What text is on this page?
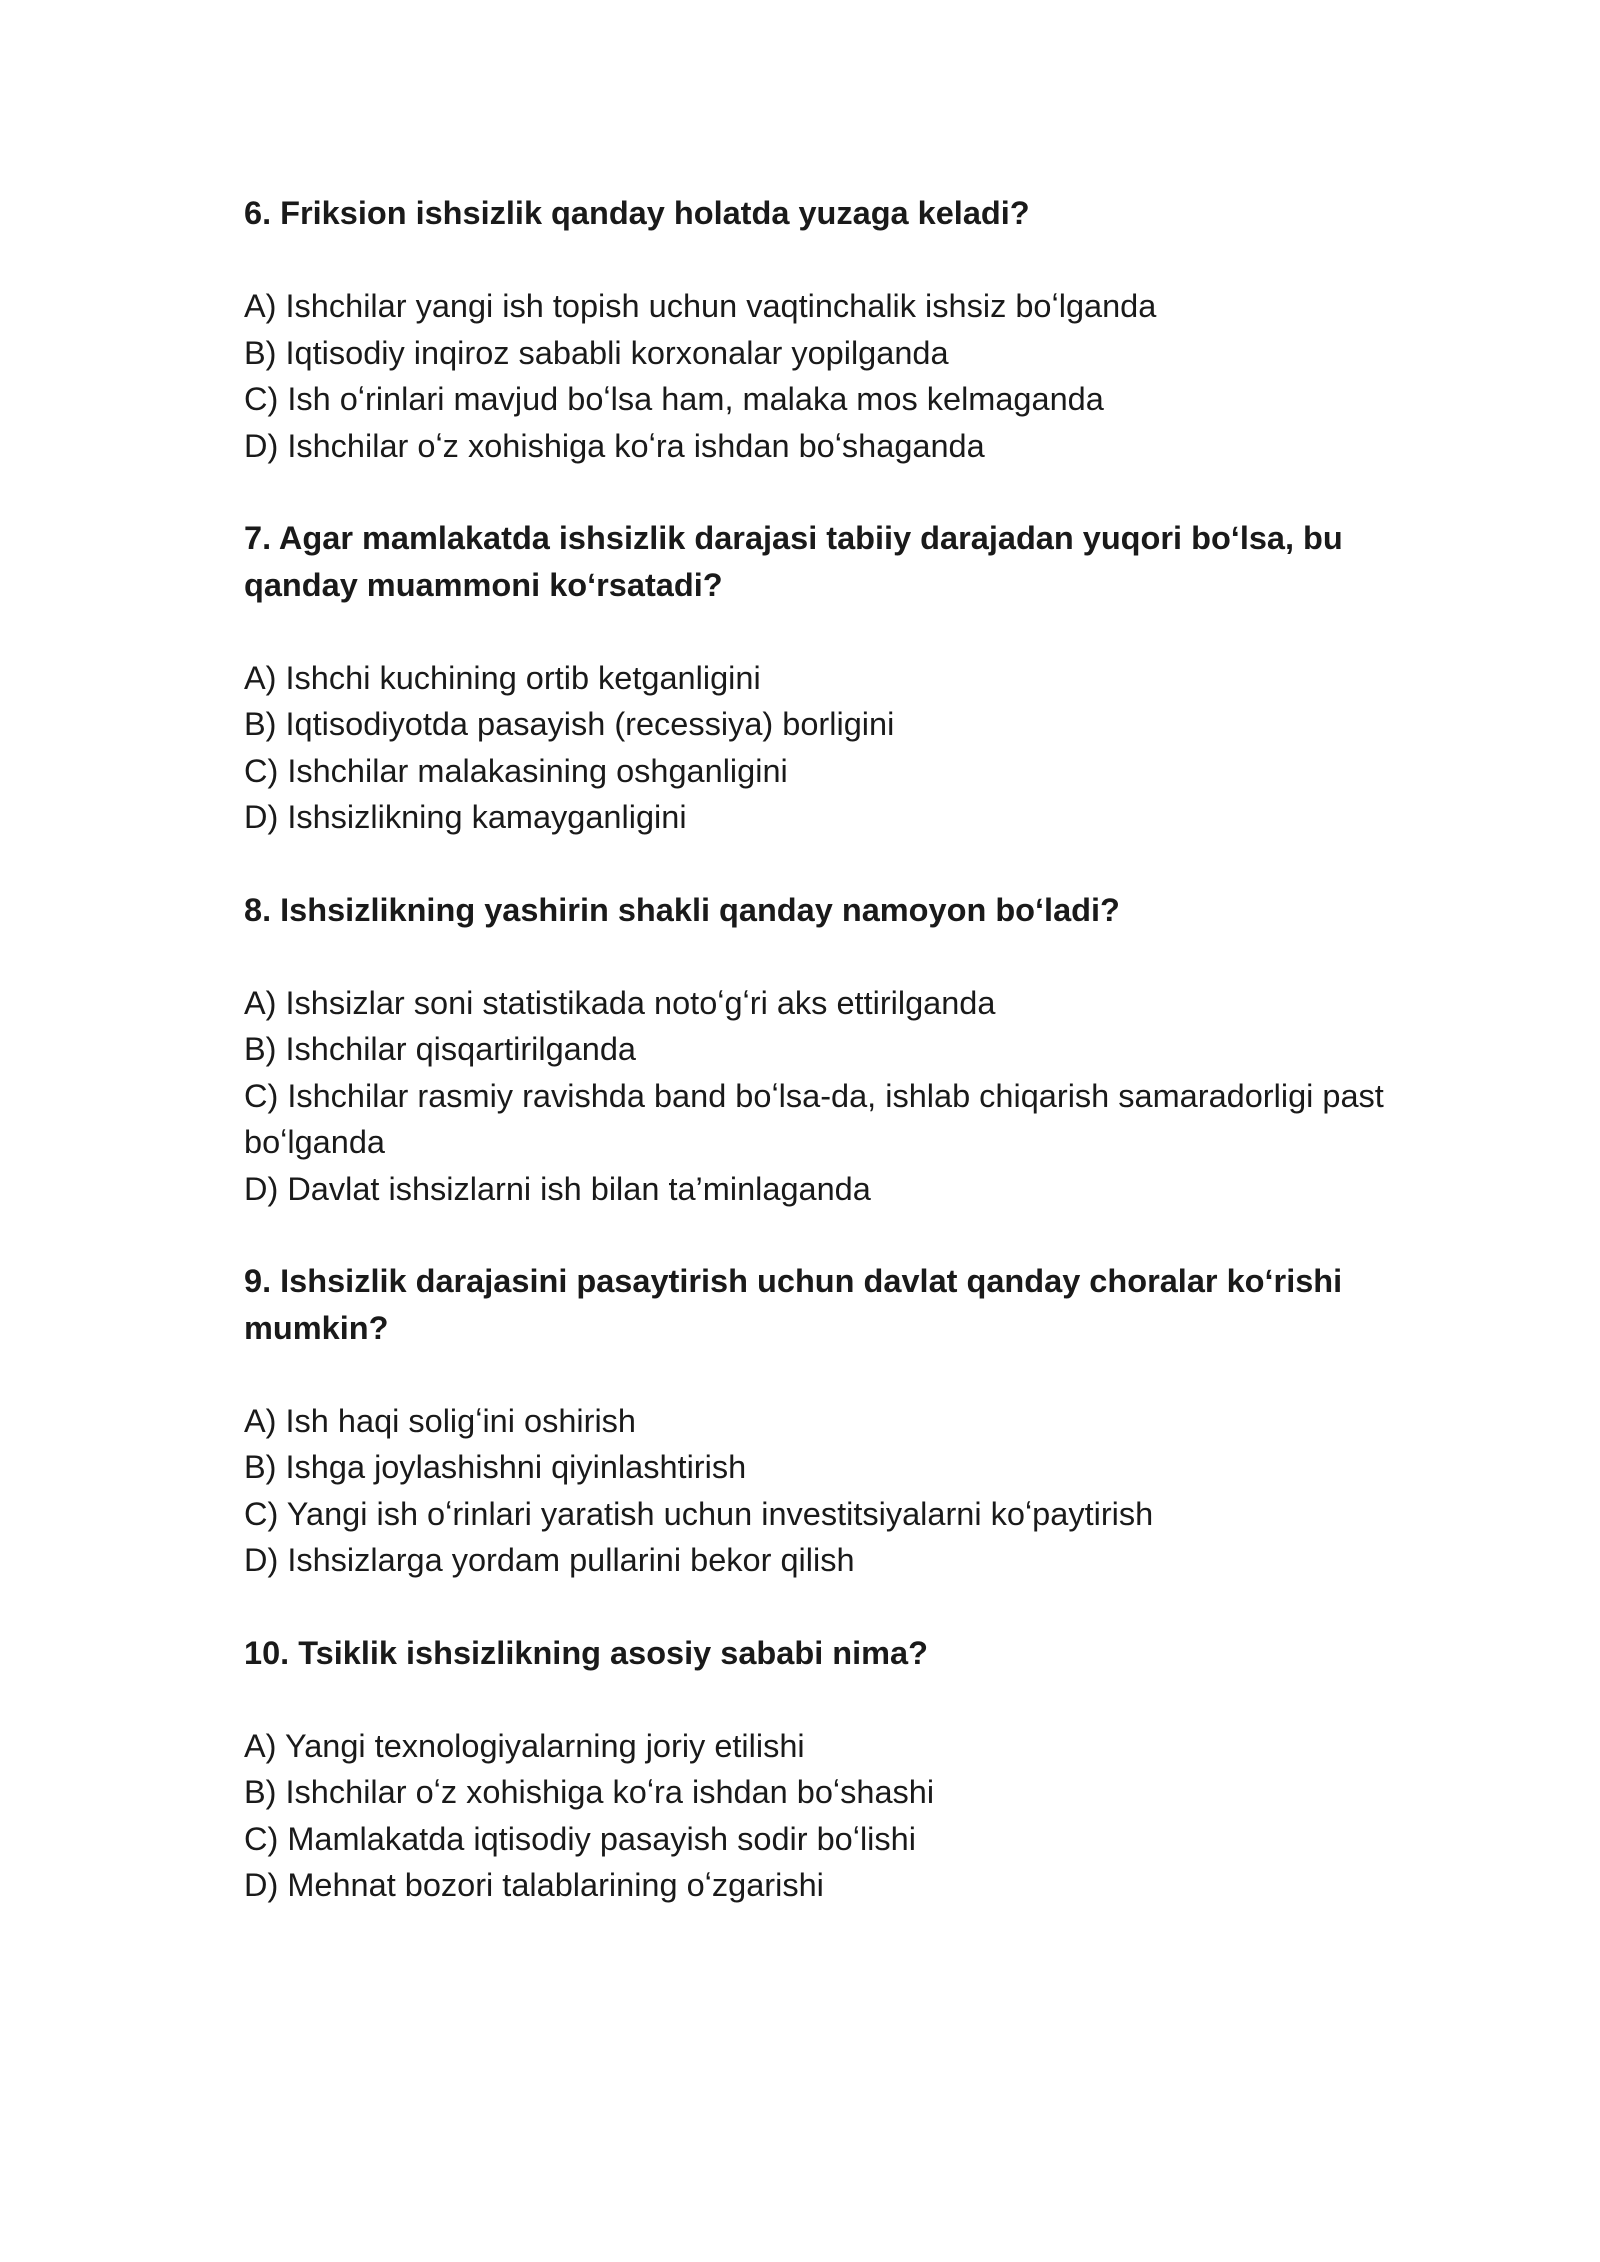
6. Friksion ishsizlik qanday holatda yuzaga keladi?
A) Ishchilar yangi ish topish uchun vaqtinchalik ishsiz boʻlganda
B) Iqtisodiy inqiroz sababli korxonalar yopilganda
C) Ish oʻrinlari mavjud boʻlsa ham, malaka mos kelmaganda
D) Ishchilar oʻz xohishiga koʻra ishdan boʻshaganda
7. Agar mamlakatda ishsizlik darajasi tabiiy darajadan yuqori boʻlsa, bu qanday muammoni koʻrsatadi?
A) Ishchi kuchining ortib ketganligini
B) Iqtisodiyotda pasayish (recessiya) borligini
C) Ishchilar malakasining oshganligini
D) Ishsizlikning kamayganligini
8. Ishsizlikning yashirin shakli qanday namoyon boʻladi?
A) Ishsizlar soni statistikada notoʻgʻri aks ettirilganda
B) Ishchilar qisqartirilganda
C) Ishchilar rasmiy ravishda band boʻlsa-da, ishlab chiqarish samaradorligi past boʻlganda
D) Davlat ishsizlarni ish bilan ta’minlaganda
9. Ishsizlik darajasini pasaytirish uchun davlat qanday choralar koʻrishi mumkin?
A) Ish haqi soligʻini oshirish
B) Ishga joylashishni qiyinlashtirish
C) Yangi ish oʻrinlari yaratish uchun investitsiyalarni koʻpaytirish
D) Ishsizlarga yordam pullarini bekor qilish
10. Tsiklik ishsizlikning asosiy sababi nima?
A) Yangi texnologiyalarning joriy etilishi
B) Ishchilar oʻz xohishiga koʻra ishdan boʻshashi
C) Mamlakatda iqtisodiy pasayish sodir boʻlishi
D) Mehnat bozori talablarining oʻzgarishi
